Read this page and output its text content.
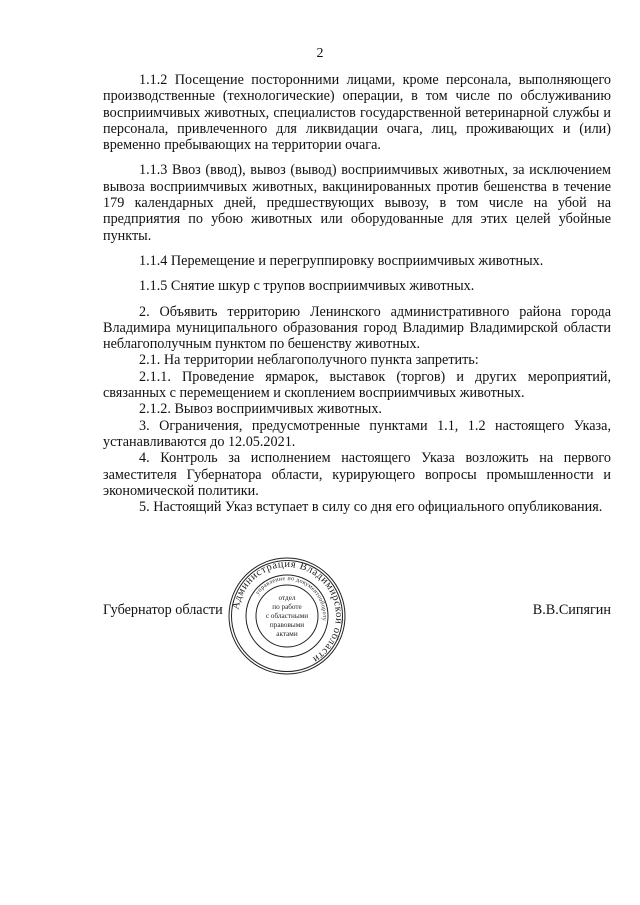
2

1.1.2 Посещение посторонними лицами, кроме персонала, выполняющего производственные (технологические) операции, в том числе по обслуживанию восприимчивых животных, специалистов государственной ветеринарной службы и персонала, привлеченного для ликвидации очага, лиц, проживающих и (или) временно пребывающих на территории очага.

1.1.3 Ввоз (ввод), вывоз (вывод) восприимчивых животных, за исключением вывоза восприимчивых животных, вакцинированных против бешенства в течение 179 календарных дней, предшествующих вывозу, в том числе на убой на предприятия по убою животных или оборудованные для этих целей убойные пункты.

1.1.4 Перемещение и перегруппировку восприимчивых животных.

1.1.5 Снятие шкур с трупов восприимчивых животных.

2. Объявить территорию Ленинского административного района города Владимира муниципального образования город Владимир Владимирской области неблагополучным пунктом по бешенству животных.

2.1. На территории неблагополучного пункта запретить:

2.1.1. Проведение ярмарок, выставок (торгов) и других мероприятий, связанных с перемещением и скоплением восприимчивых животных.

2.1.2. Вывоз восприимчивых животных.

3. Ограничения, предусмотренные пунктами 1.1, 1.2 настоящего Указа, устанавливаются до 12.05.2021.

4. Контроль за исполнением настоящего Указа возложить на первого заместителя Губернатора области, курирующего вопросы промышленности и экономической политики.

5. Настоящий Указ вступает в силу со дня его официального опубликования.

Губернатор области	В.В.Сипягин
Администрация Владимирской области
управление по документообороту
отдел
по работе
с областными
правовыми
актами
